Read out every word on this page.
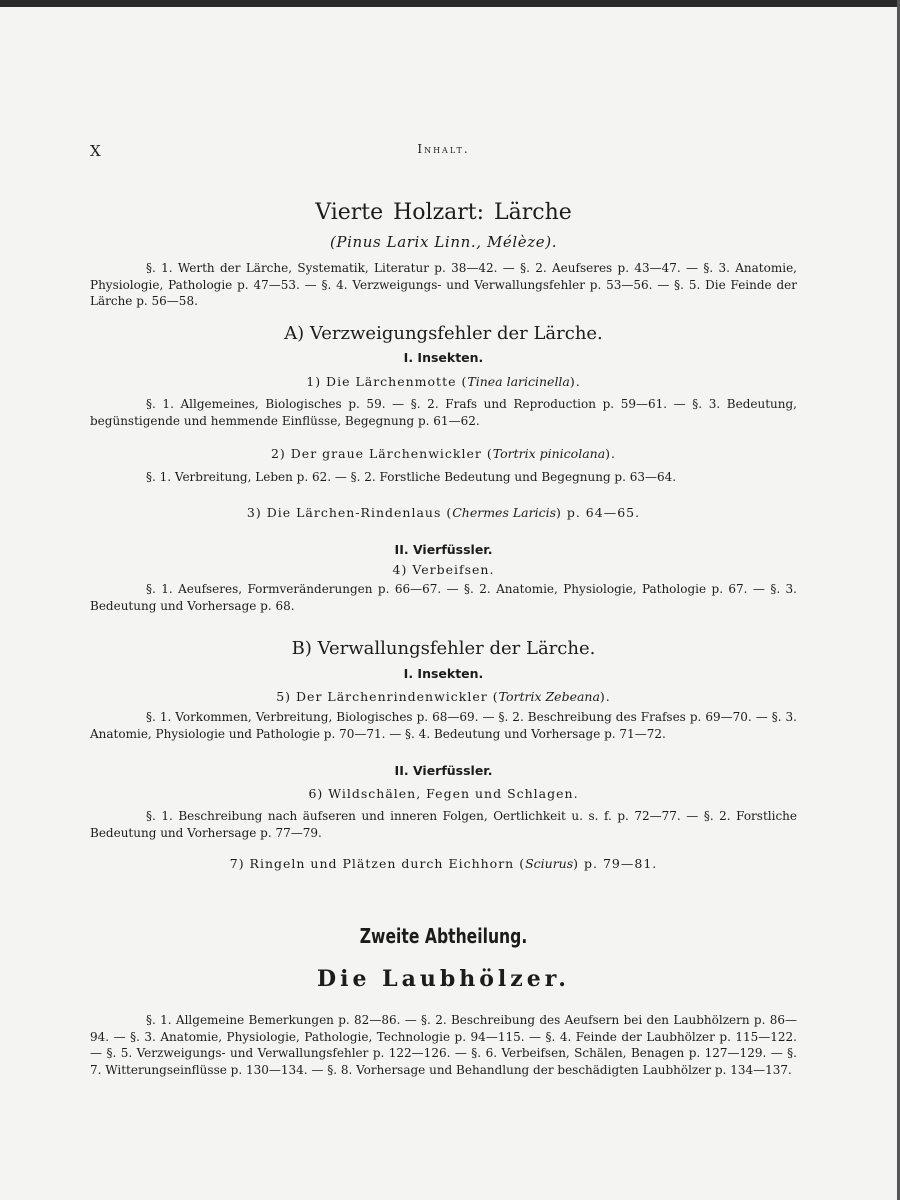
X	Inhalt.
Vierte Holzart: Lärche
(Pinus Larix Linn., Mélèze).
§. 1. Werth der Lärche, Systematik, Literatur p. 38—42. — §. 2. Aeufseres p. 43—47. — §. 3. Anatomie, Physiologie, Pathologie p. 47—53. — §. 4. Verzweigungs- und Verwallungsfehler p. 53—56. — §. 5. Die Feinde der Lärche p. 56—58.
A) Verzweigungsfehler der Lärche.
I. Insekten.
1) Die Lärchenmotte (Tinea laricinella).
§. 1. Allgemeines, Biologisches p. 59. — §. 2. Frafs und Reproduction p. 59—61. — §. 3. Bedeutung, begünstigende und hemmende Einflüsse, Begegnung p. 61—62.
2) Der graue Lärchenwickler (Tortrix pinicolana).
§. 1. Verbreitung, Leben p. 62. — §. 2. Forstliche Bedeutung und Begegnung p. 63—64.
3) Die Lärchen-Rindenlaus (Chermes Laricis) p. 64—65.
II. Vierfüssler.
4) Verbeifsen.
§. 1. Aeufseres, Formveränderungen p. 66—67. — §. 2. Anatomie, Physiologie, Pathologie p. 67. — §. 3. Bedeutung und Vorhersage p. 68.
B) Verwallungsfehler der Lärche.
I. Insekten.
5) Der Lärchenrindenwickler (Tortrix Zebeana).
§. 1. Vorkommen, Verbreitung, Biologisches p. 68—69. — §. 2. Beschreibung des Frafses p. 69—70. — §. 3. Anatomie, Physiologie und Pathologie p. 70—71. — §. 4. Bedeutung und Vorhersage p. 71—72.
II. Vierfüssler.
6) Wildschälen, Fegen und Schlagen.
§. 1. Beschreibung nach äufseren und inneren Folgen, Oertlichkeit u. s. f. p. 72—77. — §. 2. Forstliche Bedeutung und Vorhersage p. 77—79.
7) Ringeln und Plätzen durch Eichhorn (Sciurus) p. 79—81.
Zweite Abtheilung.
Die Laubhölzer.
§. 1. Allgemeine Bemerkungen p. 82—86. — §. 2. Beschreibung des Aeufsern bei den Laubhölzern p. 86—94. — §. 3. Anatomie, Physiologie, Pathologie, Technologie p. 94—115. — §. 4. Feinde der Laubhölzer p. 115—122. — §. 5. Verzweigungs- und Verwallungsfehler p. 122—126. — §. 6. Verbeifsen, Schälen, Benagen p. 127—129. — §. 7. Witterungseinflüsse p. 130—134. — §. 8. Vorhersage und Behandlung der beschädigten Laubhölzer p. 134—137.
